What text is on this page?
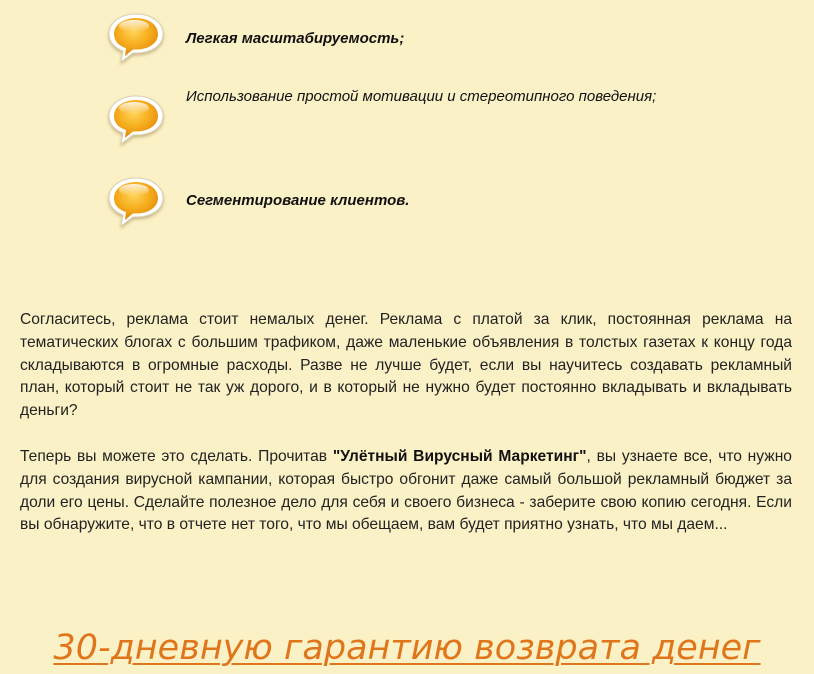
Легкая масштабируемость;
Использование простой мотивации и стереотипного поведения;
Сегментирование клиентов.

Согласитесь, реклама стоит немалых денег. Реклама с платой за клик, постоянная реклама на тематических блогах с большим трафиком, даже маленькие объявления в толстых газетах к концу года складываются в огромные расходы. Разве не лучше будет, если вы научитесь создавать рекламный план, который стоит не так уж дорого, и в который не нужно будет постоянно вкладывать и вкладывать деньги?

Теперь вы можете это сделать. Прочитав "Улётный Вирусный Маркетинг", вы узнаете все, что нужно для создания вирусной кампании, которая быстро обгонит даже самый большой рекламный бюджет за доли его цены. Сделайте полезное дело для себя и своего бизнеса - заберите свою копию сегодня. Если вы обнаружите, что в отчете нет того, что мы обещаем, вам будет приятно узнать, что мы даем...

30-дневную гарантию возврата денег
